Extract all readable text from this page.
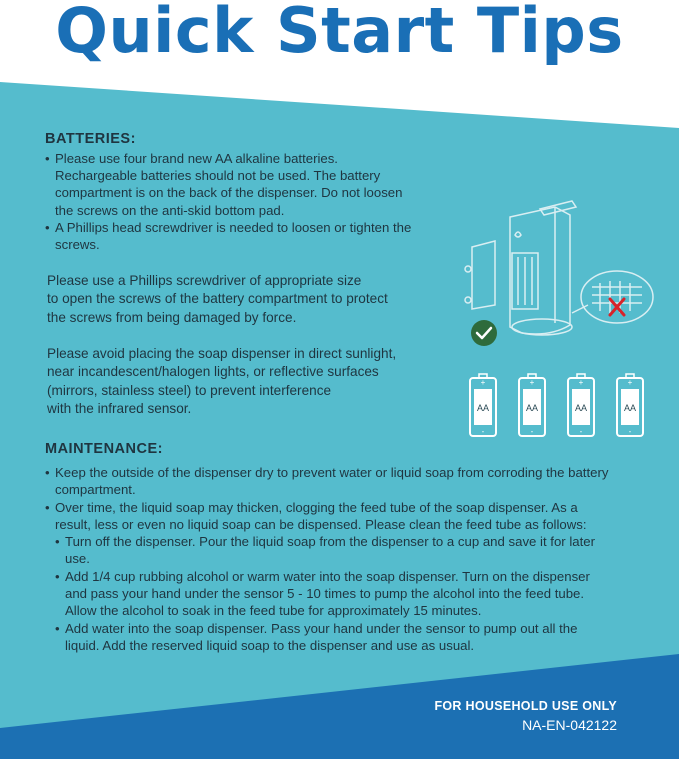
Quick Start Tips
BATTERIES:
• Please use four brand new AA alkaline batteries.
Rechargeable batteries should not be used. The battery
compartment is on the back of the dispenser. Do not loosen
the screws on the anti-skid bottom pad.
• A Phillips head screwdriver is needed to loosen or tighten the
screws.
Please use a Phillips screwdriver of appropriate size
to open the screws of the battery compartment to protect
the screws from being damaged by force.
Please avoid placing the soap dispenser in direct sunlight,
near incandescent/halogen lights, or reflective surfaces
(mirrors, stainless steel) to prevent interference
with the infrared sensor.
+
-
AA
+
-
AA
+
-
AA
+
-
AA
MAINTENANCE:
• Keep the outside of the dispenser dry to prevent water or liquid soap from corroding the battery
compartment.
• Over time, the liquid soap may thicken, clogging the feed tube of the soap dispenser. As a
result, less or even no liquid soap can be dispensed. Please clean the feed tube as follows:
• Turn off the dispenser. Pour the liquid soap from the dispenser to a cup and save it for later
use.
• Add 1/4 cup rubbing alcohol or warm water into the soap dispenser. Turn on the dispenser
and pass your hand under the sensor 5 - 10 times to pump the alcohol into the feed tube.
Allow the alcohol to soak in the feed tube for approximately 15 minutes.
• Add water into the soap dispenser. Pass your hand under the sensor to pump out all the
liquid. Add the reserved liquid soap to the dispenser and use as usual.
FOR HOUSEHOLD USE ONLY
NA-EN-042122
